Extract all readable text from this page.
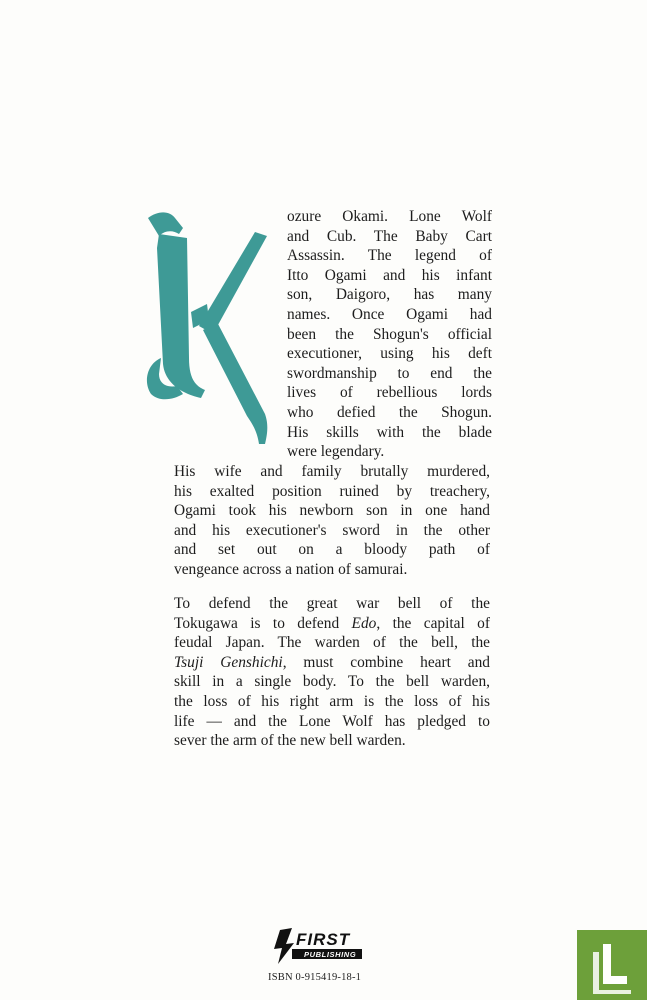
ozure Okami. Lone Wolf
and Cub. The Baby Cart
Assassin. The legend of
Itto Ogami and his infant
son, Daigoro, has many
names. Once Ogami had
been the Shogun's official
executioner, using his deft
swordmanship to end the
lives of rebellious lords
who defied the Shogun.
His skills with the blade
were legendary.
His wife and family brutally murdered,
his exalted position ruined by treachery,
Ogami took his newborn son in one hand
and his executioner's sword in the other
and set out on a bloody path of
vengeance across a nation of samurai.
To defend the great war bell of the
Tokugawa is to defend Edo, the capital of
feudal Japan. The warden of the bell, the
Tsuji Genshichi, must combine heart and
skill in a single body. To the bell warden,
the loss of his right arm is the loss of his
life — and the Lone Wolf has pledged to
sever the arm of the new bell warden.
FIRST
PUBLISHING
ISBN 0-915419-18-1
